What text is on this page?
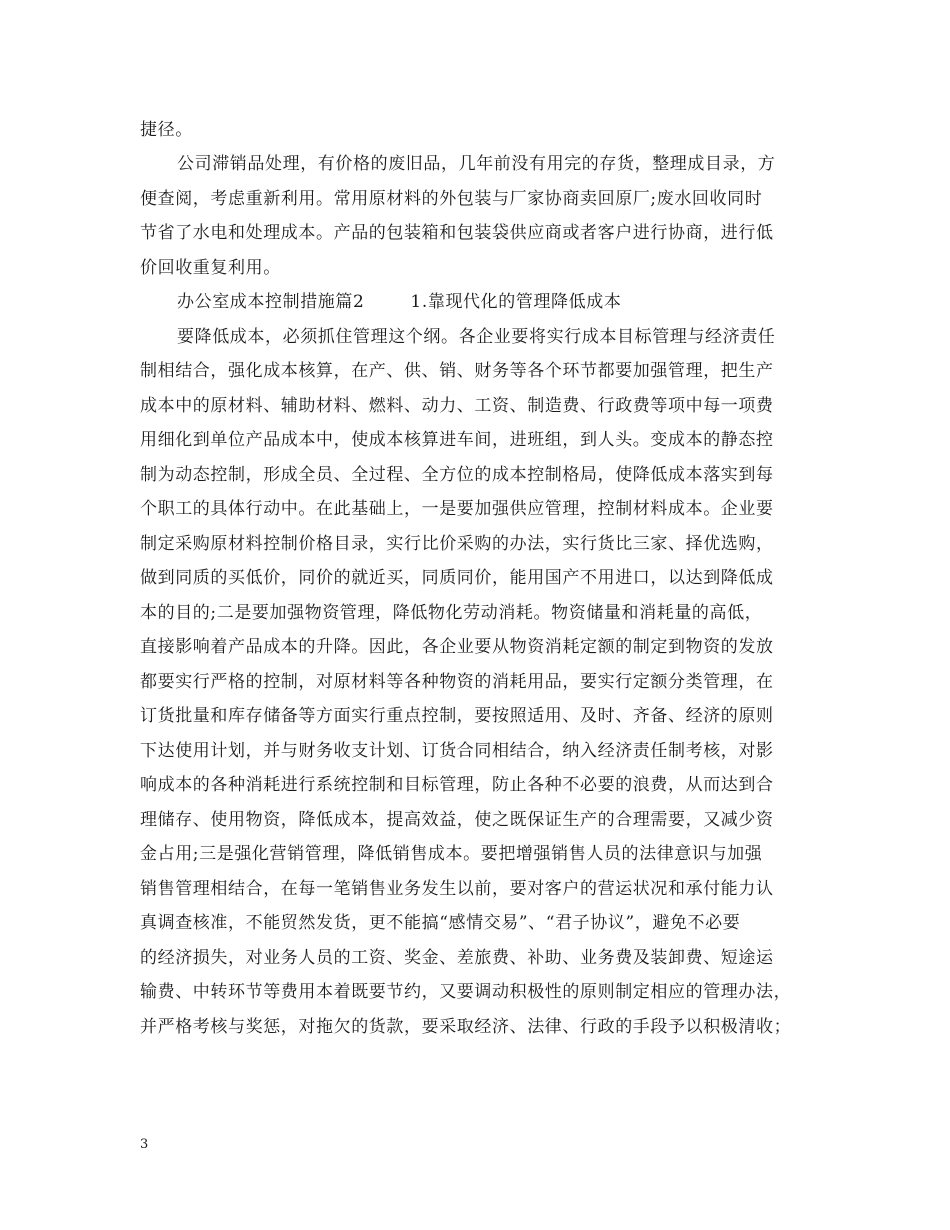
捷径。
公司滞销品处理，有价格的废旧品，几年前没有用完的存货，整理成目录，方
便查阅，考虑重新利用。常用原材料的外包装与厂家协商卖回原厂;废水回收同时
节省了水电和处理成本。产品的包装箱和包装袋供应商或者客户进行协商，进行低
价回收重复利用。
办公室成本控制措施篇2	1.靠现代化的管理降低成本
要降低成本，必须抓住管理这个纲。各企业要将实行成本目标管理与经济责任
制相结合，强化成本核算，在产、供、销、财务等各个环节都要加强管理，把生产
成本中的原材料、辅助材料、燃料、动力、工资、制造费、行政费等项中每一项费
用细化到单位产品成本中，使成本核算进车间，进班组，到人头。变成本的静态控
制为动态控制，形成全员、全过程、全方位的成本控制格局，使降低成本落实到每
个职工的具体行动中。在此基础上，一是要加强供应管理，控制材料成本。企业要
制定采购原材料控制价格目录，实行比价采购的办法，实行货比三家、择优选购，
做到同质的买低价，同价的就近买，同质同价，能用国产不用进口，以达到降低成
本的目的;二是要加强物资管理，降低物化劳动消耗。物资储量和消耗量的高低，
直接影响着产品成本的升降。因此，各企业要从物资消耗定额的制定到物资的发放
都要实行严格的控制，对原材料等各种物资的消耗用品，要实行定额分类管理，在
订货批量和库存储备等方面实行重点控制，要按照适用、及时、齐备、经济的原则
下达使用计划，并与财务收支计划、订货合同相结合，纳入经济责任制考核，对影
响成本的各种消耗进行系统控制和目标管理，防止各种不必要的浪费，从而达到合
理储存、使用物资，降低成本，提高效益，使之既保证生产的合理需要，又减少资
金占用;三是强化营销管理，降低销售成本。要把增强销售人员的法律意识与加强
销售管理相结合，在每一笔销售业务发生以前，要对客户的营运状况和承付能力认
真调查核准，不能贸然发货，更不能搞“感情交易”、“君子协议”，避免不必要
的经济损失，对业务人员的工资、奖金、差旅费、补助、业务费及装卸费、短途运
输费、中转环节等费用本着既要节约，又要调动积极性的原则制定相应的管理办法，
并严格考核与奖惩，对拖欠的货款，要采取经济、法律、行政的手段予以积极清收；
3
